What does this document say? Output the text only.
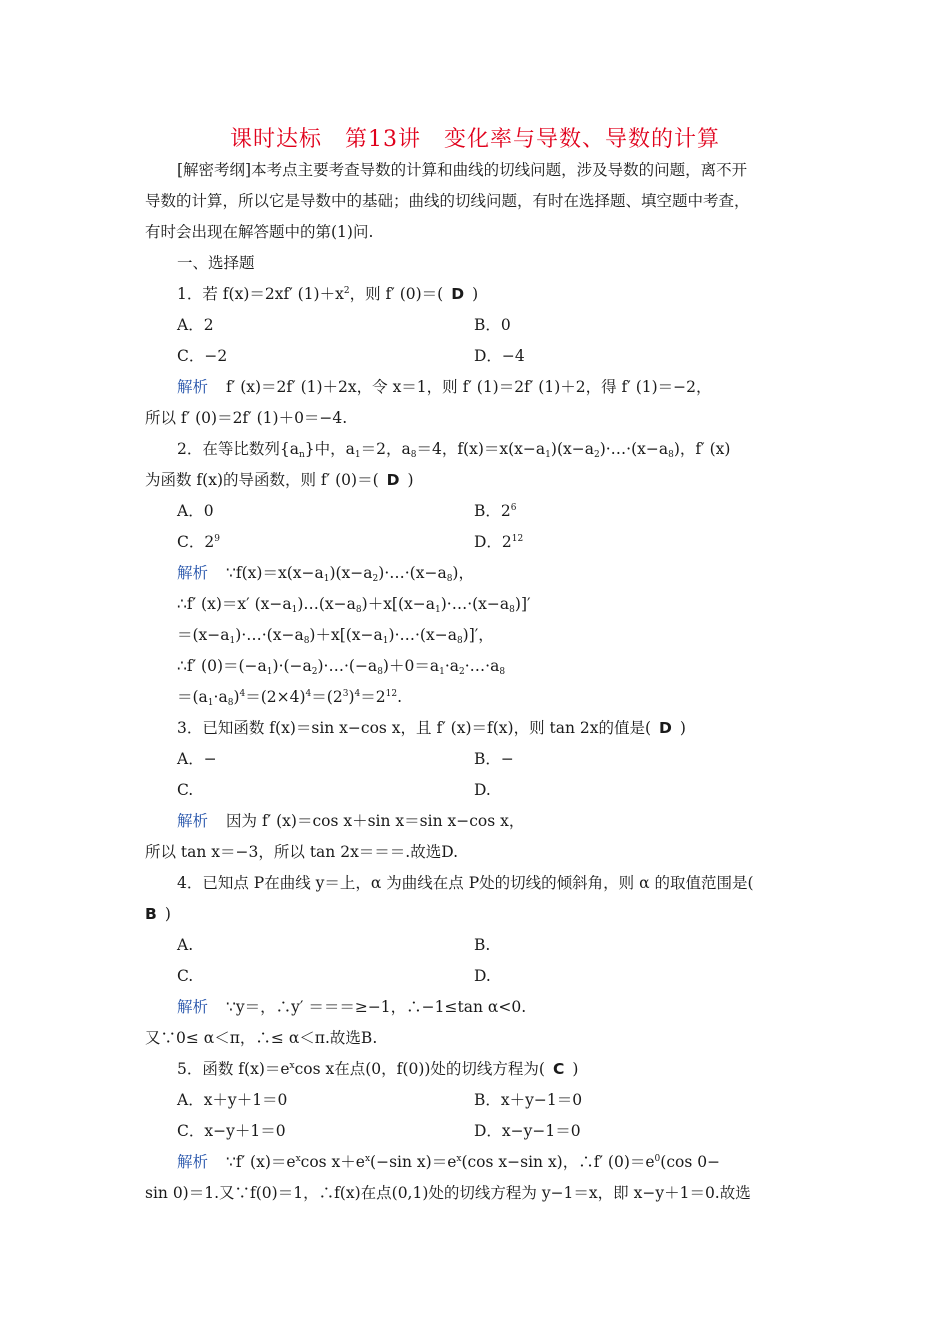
课时达标　第13讲　变化率与导数、导数的计算
[解密考纲]本考点主要考查导数的计算和曲线的切线问题，涉及导数的问题，离不开
导数的计算，所以它是导数中的基础；曲线的切线问题，有时在选择题、填空题中考查，
有时会出现在解答题中的第(1)问.
一、选择题
1．若 f(x)＝2xf′ $(1)+x^2$，则 f′ (0)＝( D )
A．2	B．0
C．−2	D．−4
解析 f′ (x)＝2f′ (1)＋2x，令 x＝1，则 f′ (1)＝2f′ (1)＋2，得 f′ (1)＝−2，
所以 f′ (0)＝2f′ (1)＋0＝−4.
2．在等比数列$\{a_n\}$中，$a_1=2$，$a_8=4$，$f(x)=x(x-a_1)(x-a_2)\cdot\dots\cdot(x-a_8)$，f′ (x)
为函数 f(x)的导函数，则 f′ (0)＝( D )
A．0	B．$2^6$
C．$2^9$	D．$2^{12}$
解析 $\because f(x)=x(x-a_1)(x-a_2)\cdot\dots\cdot(x-a_8)$，
∴f′ (x)＝x′ $(x-a_1)\dots(x-a_8)+x[(x-a_1)\cdot\dots\cdot(x-a_8)]'$
$=(x-a_1)\cdot\dots\cdot(x-a_8)+x[(x-a_1)\cdot\dots\cdot(x-a_8)]'$，
∴f′ $(0)=(-a_1)\cdot(-a_2)\cdot\dots\cdot(-a_8)+0=a_1\cdot a_2\cdot\dots\cdot a_8$
$=(a_1\cdot a_8)^4=(2\times 4)^4=(2^3)^4=2^{12}$.
3．已知函数 f(x)＝sin x−cos x，且 f′ (x)＝f(x)，则 tan 2x的值是( D )
A．−	B．−
C.	D.
解析 因为 f′ (x)＝cos x＋sin x＝sin x−cos x，
所以 tan x＝−3，所以 tan 2x＝＝＝.故选D.
4．已知点 P在曲线 y＝上，α 为曲线在点 P处的切线的倾斜角，则 α 的取值范围是(
B )
A.	B.
C.	D.
解析 ∵y＝，∴y′ ＝＝＝≥−1，∴−1≤tan α<0.
又∵0≤ α＜π，∴≤ α＜π.故选B.
5．函数 $f(x)=e^x\cos$ x在点(0，f(0))处的切线方程为( C )
A．x＋y＋1＝0	B．x＋y−1＝0
C．x−y＋1＝0	D．x−y−1＝0
解析 ∵f′ $(x)=e^x\cos$ $x+e^x(-\sin$ $x)=e^x(\cos$ x−sin x)，∴f′ $(0)=e^0(\cos$ 0−
sin 0)＝1.又∵f(0)＝1，∴f(x)在点(0,1)处的切线方程为 y−1＝x，即 x−y＋1＝0.故选
